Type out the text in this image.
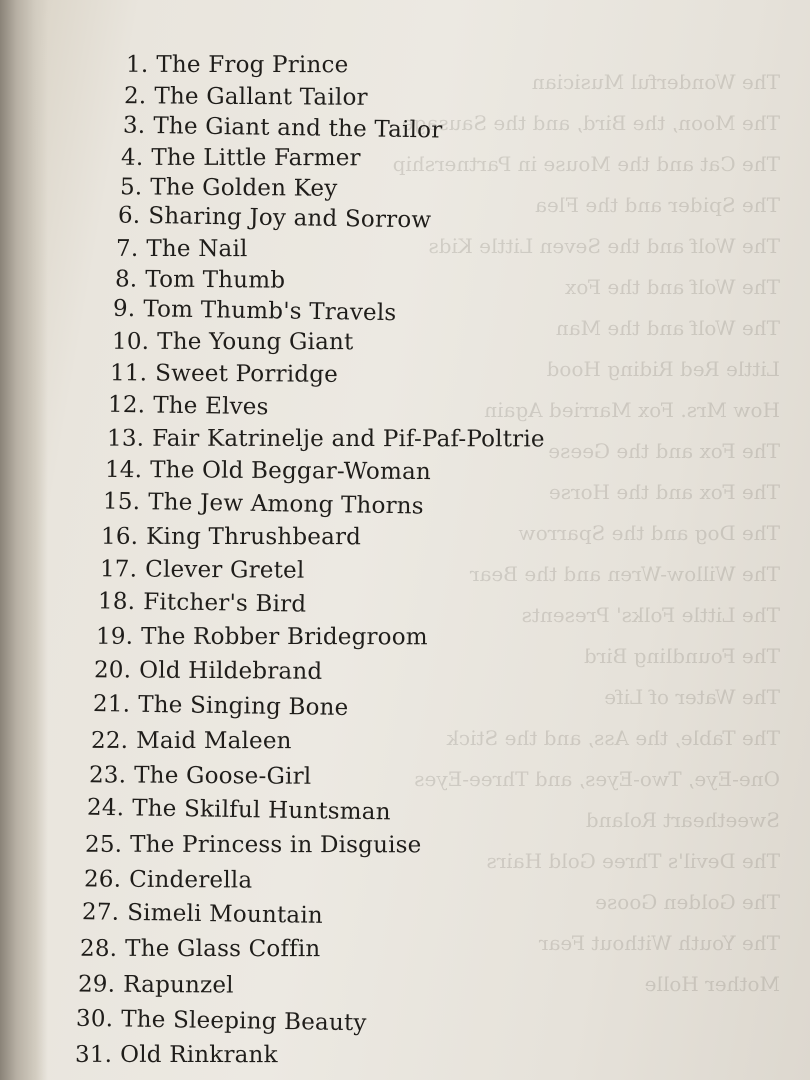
The Wonderful Musician
The Moon, the Bird, and the Sausage
The Cat and the Mouse in Partnership
The Spider and the Flea
The Wolf and the Seven Little Kids
The Wolf and the Fox
The Wolf and the Man
Little Red Riding Hood
How Mrs. Fox Married Again
The Fox and the Geese
The Fox and the Horse
The Dog and the Sparrow
The Willow-Wren and the Bear
The Little Folks' Presents
The Foundling Bird
The Water of Life
The Table, the Ass, and the Stick
One-Eye, Two-Eyes, and Three-Eyes
Sweetheart Roland
The Devil's Three Gold Hairs
The Golden Goose
The Youth Without Fear
Mother Holle
1. The Frog Prince
2. The Gallant Tailor
3. The Giant and the Tailor
4. The Little Farmer
5. The Golden Key
6. Sharing Joy and Sorrow
7. The Nail
8. Tom Thumb
9. Tom Thumb's Travels
10. The Young Giant
11. Sweet Porridge
12. The Elves
13. Fair Katrinelje and Pif-Paf-Poltrie
14. The Old Beggar-Woman
15. The Jew Among Thorns
16. King Thrushbeard
17. Clever Gretel
18. Fitcher's Bird
19. The Robber Bridegroom
20. Old Hildebrand
21. The Singing Bone
22. Maid Maleen
23. The Goose-Girl
24. The Skilful Huntsman
25. The Princess in Disguise
26. Cinderella
27. Simeli Mountain
28. The Glass Coffin
29. Rapunzel
30. The Sleeping Beauty
31. Old Rinkrank
